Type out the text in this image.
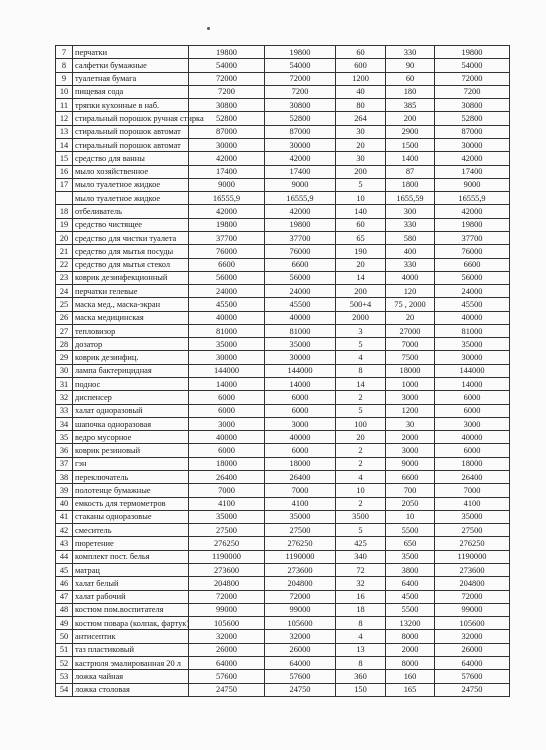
7	перчатки	19800	19800	60	330	19800
8	салфетки бумажные	54000	54000	600	90	54000
9	туалетная бумага	72000	72000	1200	60	72000
10	пищевая сода	7200	7200	40	180	7200
11	тряпки кухонные в наб.	30800	30800	80	385	30800
12	стиральный порошок ручная стирка	52800	52800	264	200	52800
13	стиральный порошок автомат	87000	87000	30	2900	87000
14	стиральный порошок автомат	30000	30000	20	1500	30000
15	средство для ванны	42000	42000	30	1400	42000
16	мыло хозяйственное	17400	17400	200	87	17400
17	мыло туалетное жидкое	9000	9000	5	1800	9000
	мыло туалетное жидкое	16555,9	16555,9	10	1655,59	16555,9
18	отбеливатель	42000	42000	140	300	42000
19	средство чистящее	19800	19800	60	330	19800
20	средство для чистки туалета	37700	37700	65	580	37700
21	средство для мытья посуды	76000	76000	190	400	76000
22	средство для мытья стекол	6600	6600	20	330	6600
23	коврик дезинфекционный	56000	56000	14	4000	56000
24	перчатки гелевые	24000	24000	200	120	24000
25	маска мед., маска-экран	45500	45500	500+4	75 , 2000	45500
26	маска медицинская	40000	40000	2000	20	40000
27	тепловизор	81000	81000	3	27000	81000
28	дозатор	35000	35000	5	7000	35000
29	коврик дезинфиц.	30000	30000	4	7500	30000
30	лампа бактерицидная	144000	144000	8	18000	144000
31	поднос	14000	14000	14	1000	14000
32	диспенсер	6000	6000	2	3000	6000
33	халат одноразовый	6000	6000	5	1200	6000
34	шапочка одноразовая	3000	3000	100	30	3000
35	ведро мусорное	40000	40000	20	2000	40000
36	коврик резиновый	6000	6000	2	3000	6000
37	гэн	18000	18000	2	9000	18000
38	переключатель	26400	26400	4	6600	26400
39	полотенце бумажные	7000	7000	10	700	7000
40	емкость для термометров	4100	4100	2	2050	4100
41	стаканы одноразовые	35000	35000	3500	10	35000
42	смеситель	27500	27500	5	5500	27500
43	пюретение	276250	276250	425	650	276250
44	комплект пост. белья	1190000	1190000	340	3500	1190000
45	матрац	273600	273600	72	3800	273600
46	халат белый	204800	204800	32	6400	204800
47	халат рабочий	72000	72000	16	4500	72000
48	костюм пом.воспитателя	99000	99000	18	5500	99000
49	костюм повара (колпак, фартук)	105600	105600	8	13200	105600
50	антисептик	32000	32000	4	8000	32000
51	таз пластиковый	26000	26000	13	2000	26000
52	кастрюля эмалированная 20 л	64000	64000	8	8000	64000
53	ложка чайная	57600	57600	360	160	57600
54	ложка столовая	24750	24750	150	165	24750
